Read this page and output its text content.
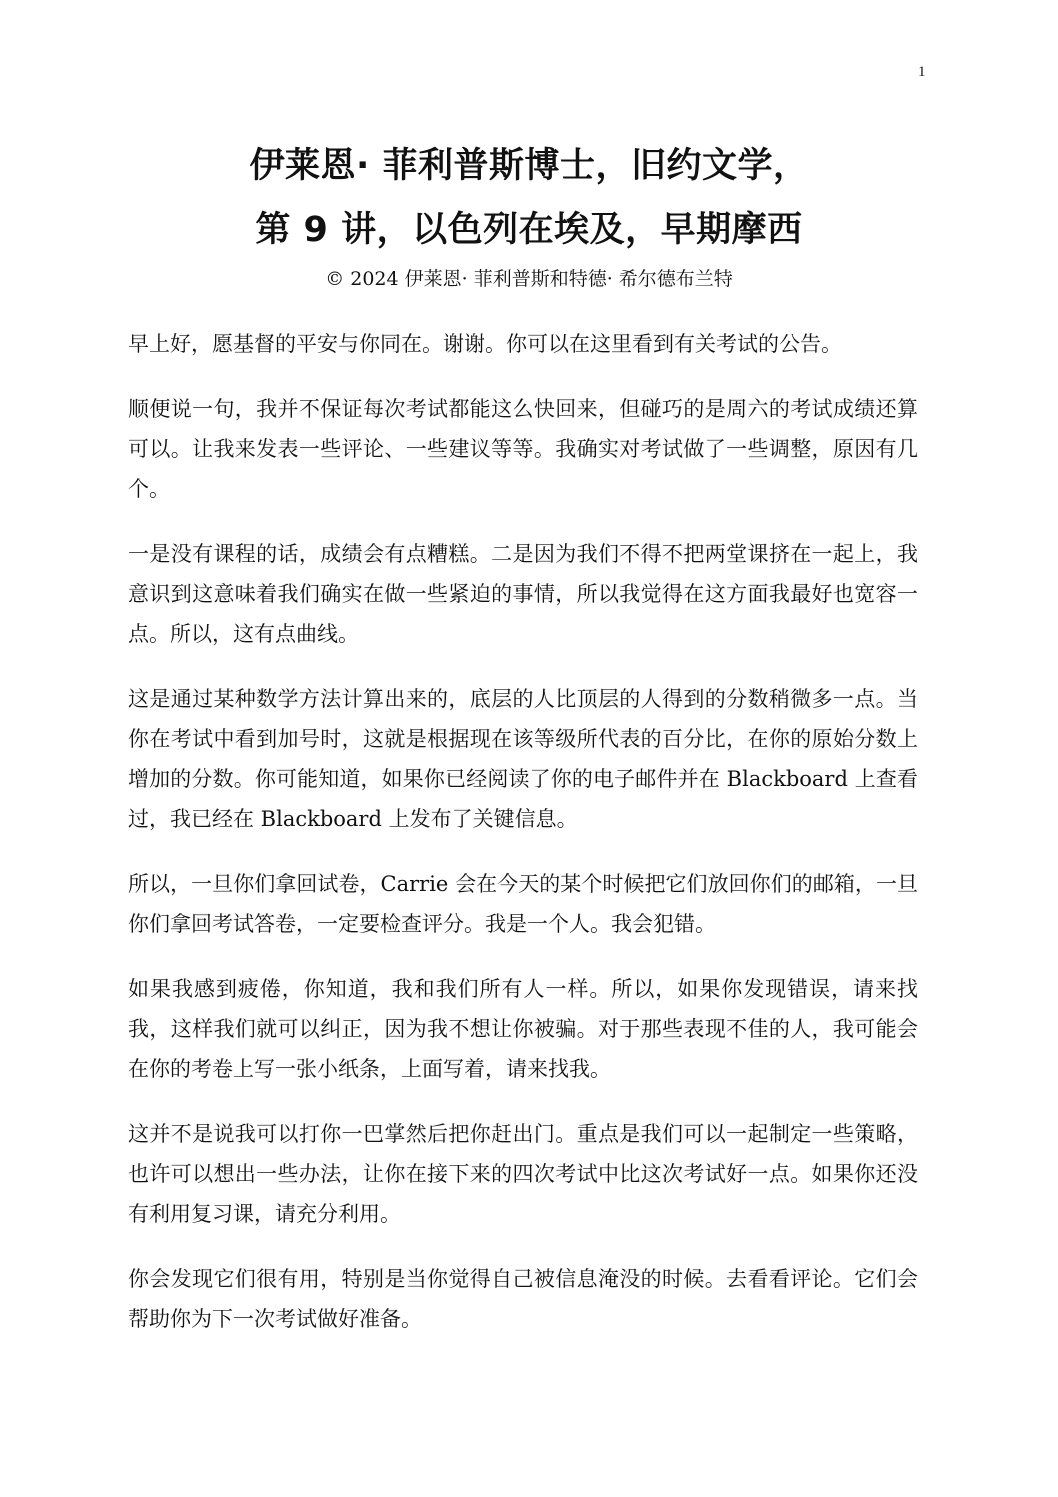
1
伊莱恩· 菲利普斯博士，旧约文学，
第 9 讲，以色列在埃及，早期摩西
© 2024 伊莱恩· 菲利普斯和特德· 希尔德布兰特

早上好，愿基督的平安与你同在。谢谢。你可以在这里看到有关考试的公告。

顺便说一句，我并不保证每次考试都能这么快回来，但碰巧的是周六的考试成绩还算可以。让我来发表一些评论、一些建议等等。我确实对考试做了一些调整，原因有几个。

一是没有课程的话，成绩会有点糟糕。二是因为我们不得不把两堂课挤在一起上，我意识到这意味着我们确实在做一些紧迫的事情，所以我觉得在这方面我最好也宽容一点。所以，这有点曲线。

这是通过某种数学方法计算出来的，底层的人比顶层的人得到的分数稍微多一点。当你在考试中看到加号时，这就是根据现在该等级所代表的百分比，在你的原始分数上增加的分数。你可能知道，如果你已经阅读了你的电子邮件并在 Blackboard 上查看过，我已经在 Blackboard 上发布了关键信息。

所以，一旦你们拿回试卷，Carrie 会在今天的某个时候把它们放回你们的邮箱，一旦你们拿回考试答卷，一定要检查评分。我是一个人。我会犯错。

如果我感到疲倦，你知道，我和我们所有人一样。所以，如果你发现错误，请来找我，这样我们就可以纠正，因为我不想让你被骗。对于那些表现不佳的人，我可能会在你的考卷上写一张小纸条，上面写着，请来找我。

这并不是说我可以打你一巴掌然后把你赶出门。重点是我们可以一起制定一些策略，也许可以想出一些办法，让你在接下来的四次考试中比这次考试好一点。如果你还没有利用复习课，请充分利用。

你会发现它们很有用，特别是当你觉得自己被信息淹没的时候。去看看评论。它们会帮助你为下一次考试做好准备。
